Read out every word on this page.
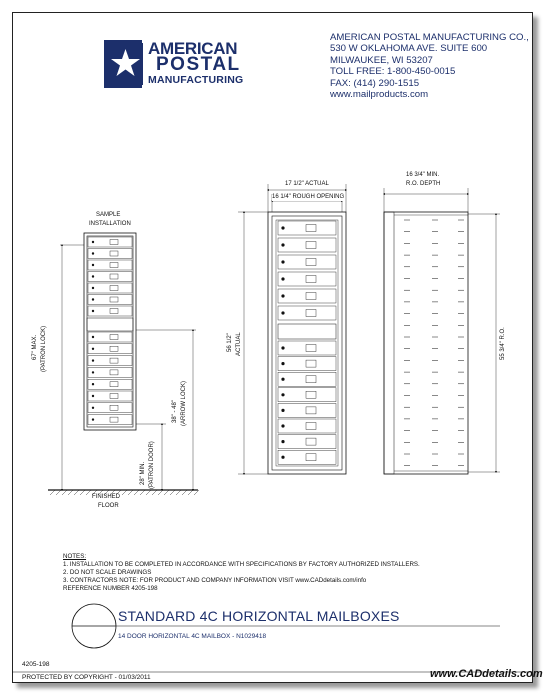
AMERICAN
POSTAL
MANUFACTURING
AMERICAN POSTAL MANUFACTURING CO.,
530 W OKLAHOMA AVE. SUITE 600
MILWAUKEE, WI 53207
TOLL FREE: 1-800-450-0015
FAX: (414) 290-1515
www.mailproducts.com
SAMPLE
INSTALLATION
67" MAX. (PATRON LOCK)
38" - 48" (ARROW LOCK)
28" MIN. (PATRON DOOR)
FINISHED
FLOOR
17 1/2" ACTUAL
16 1/4" ROUGH OPENING
56 1/2" ACTUAL
16 3/4" MIN.
R.O. DEPTH
55 3/4" R.O.
NOTES:
1. INSTALLATION TO BE COMPLETED IN ACCORDANCE WITH SPECIFICATIONS BY FACTORY AUTHORIZED INSTALLERS.
2. DO NOT SCALE DRAWINGS
3. CONTRACTORS NOTE: FOR PRODUCT AND COMPANY INFORMATION VISIT www.CADdetails.com/info
REFERENCE NUMBER 4205-198
STANDARD 4C HORIZONTAL MAILBOXES
14 DOOR HORIZONTAL 4C MAILBOX - N1029418
4205-198
PROTECTED BY COPYRIGHT - 01/03/2011	www.CADdetails.com
